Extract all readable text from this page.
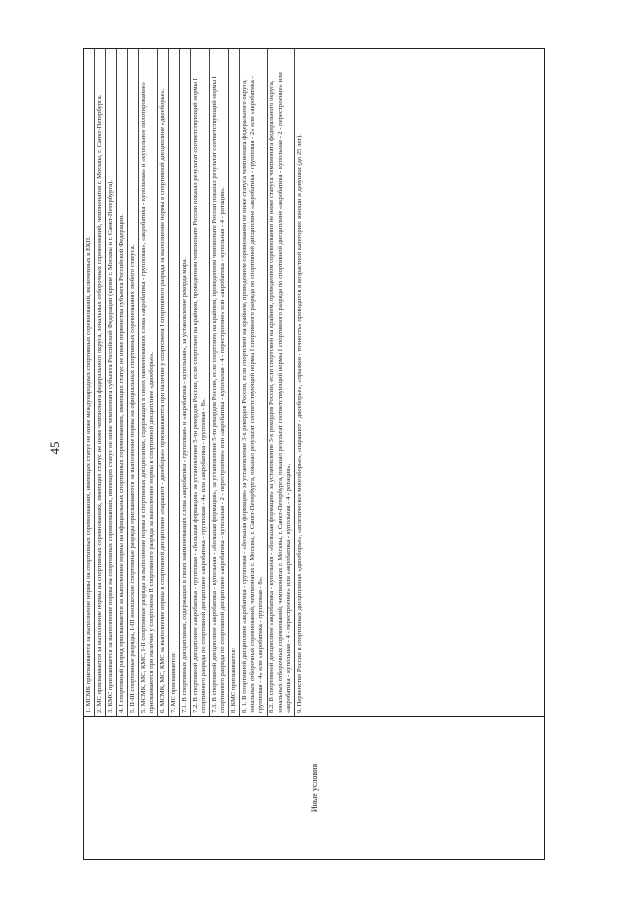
45
Иные условия	
1. МСМК присваивается за выполнение нормы на спортивных соревнованиях, имеющих статус не ниже международных спортивных соревнований, включенных в ЕКП. 2. МС присваивается за выполнение нормы на спортивных соревнованиях, имеющих статус не ниже чемпионата федерального округа, зональных отборочных соревнований, чемпионатов г. Москвы, г. Санкт-Петербурга. 3. КМС присваивается за выполнение нормы на спортивных соревнованиях, имеющих статус не ниже чемпионата субъекта Российской Федерации (кроме г. Москвы и г. Санкт-Петербурга). 4. I спортивный разряд присваивается за выполнение нормы на официальных спортивных соревнованиях, имеющих статус не ниже первенства субъекта Российской Федерации. 5. II-III спортивные разряды, I-III юношеские спортивные разряды присваиваются за выполнение нормы на официальных спортивных соревнованиях любого статуса. 5. МСМК, МС, КМС, I-II спортивные разряды за выполнение нормы в спортивных дисциплинах, содержащих в своих наименованиях слова «акробатика - групповая», «акробатика - купольная» и «купольное пилотирование» присваиваются при наличии у спортсмена II спортивного разряда за выполнение нормы в спортивной дисциплине «двоеборье». 6. МСМК, МС, КМС за выполнение нормы в спортивной дисциплине «парашют - двоеборье» присваиваются при наличии у спортсмена I спортивного разряда за выполнение нормы в спортивной дисциплине «двоеборье». 7. МС присваивается: 7.1. В спортивных дисциплинах, содержащих в своих наименованиях слова «акробатика - групповая» и «акробатика - купольная», за установление рекорда мира. 7.2. В спортивной дисциплине «акробатика - групповая - «большая формация» за установление 5-ти рекордов России, если спортсмен на крайнем, проведенном чемпионате России показал результат соответствующий нормы I спортивного разряда по спортивной дисциплине «акробатика - групповая - 4» или «акробатика - групповая - 8». 7.3. В спортивной дисциплине «акробатика - купольная - «большая формация», за установление 5-ти рекордов России, если спортсмен на крайнем, проведенном чемпионате России показал результат соответствующий нормы I спортивного разряда по спортивной дисциплине «акробатика - купольная - 2 - перестроение» или «акробатика - купольная - 4 - перестроение» или «акробатика - купольная - 4 - ротация». 8. КМС присваивается: 8. 1. В спортивной дисциплине «акробатика - групповая - «большая формация» за установление 3-х рекордов России, если спортсмен на крайнем, проведенном соревновании не ниже статуса чемпионата федерального округа, зональных отборочных соревнований, чемпионатах г. Москвы, г. Санкт-Петербурга, показал результат соответствующий нормы I спортивного разряда по спортивной дисциплине «акробатика - групповая - 2» или «акробатика - групповая - 4» или «акробатика - групповая - 8». 8.2. В спортивной дисциплине «акробатика - купольная - «большая формация» за установление 3-х рекордов России, если спортсмен на крайнем, проведенном соревновании не ниже статуса чемпионата федерального округа, зональных отборочных соревнований, чемпионатах г. Москвы, г. Санкт-Петербурга, показал результат соответствующий нормы I спортивного разряда по спортивной дисциплине «акробатика - купольная - 2 - перестроение» или «акробатика - купольная - 4 - перестроение» или «акробатика - купольная - 4 - ротация». 9. Первенство России в спортивных дисциплинах «двоеборье», «атлетическое многоборье», «парашют - двоеборье», «прыжки - точность» проводится в возрастной категории: юноши и девушки (до 25 лет).
